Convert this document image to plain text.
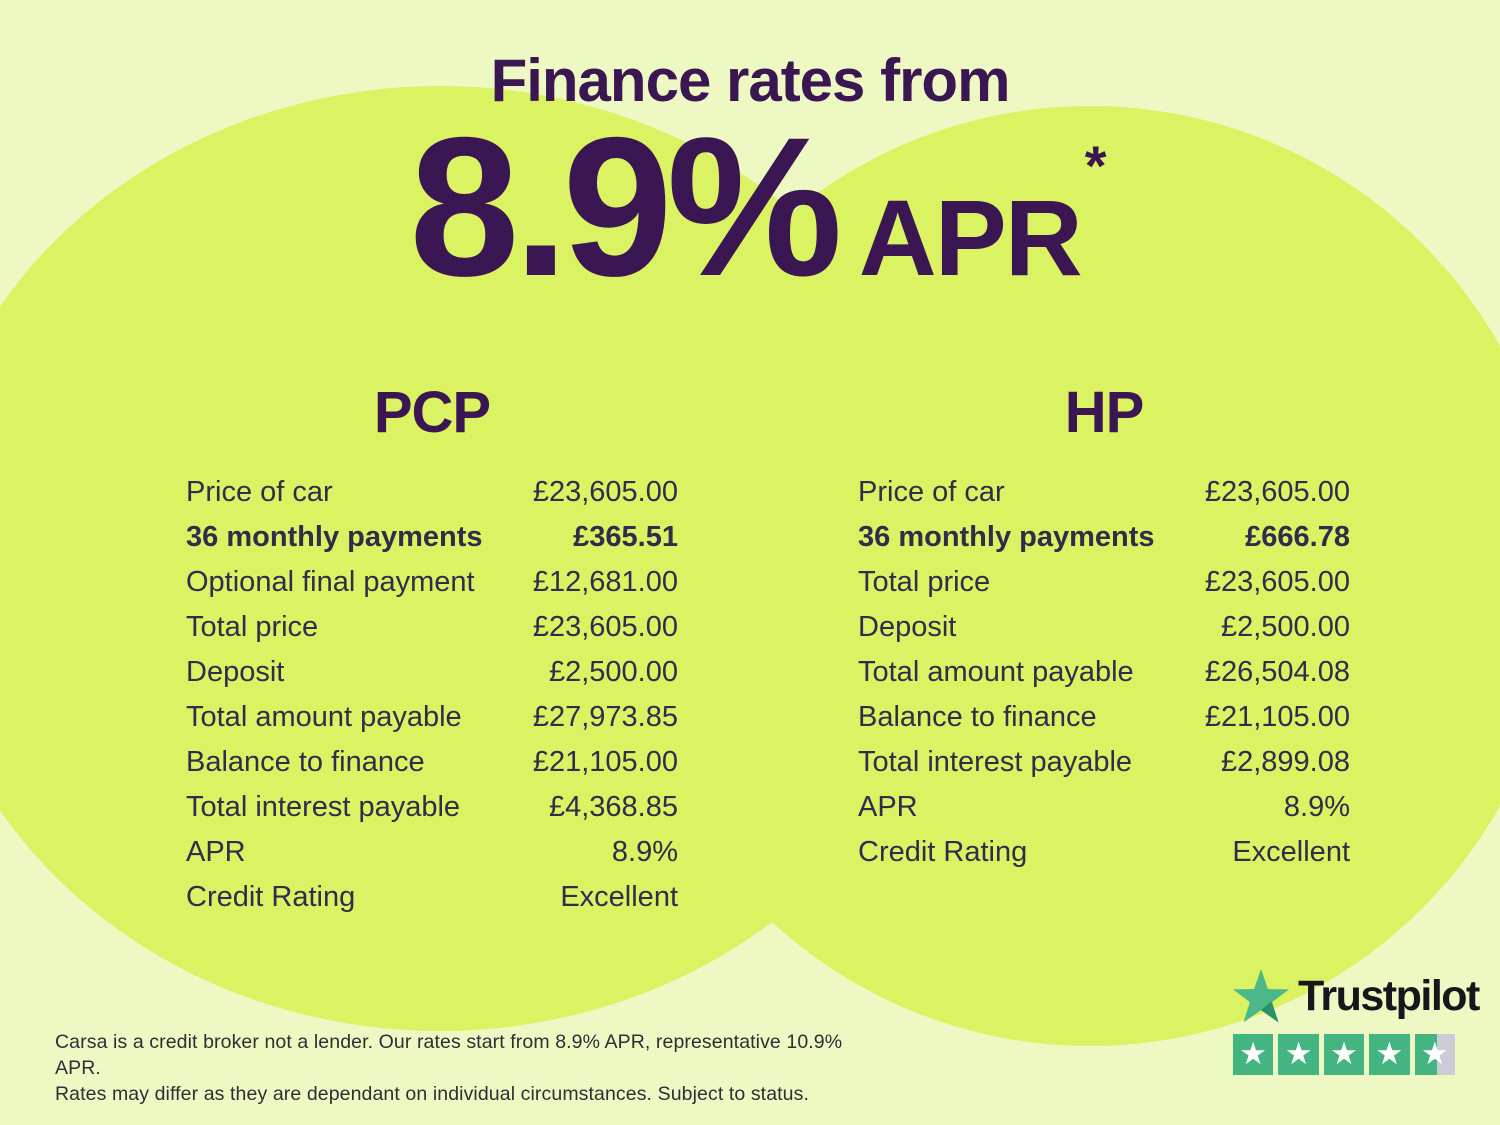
Finance rates from
8.9% APR*
PCP
Price of car	£23,605.00
36 monthly payments	£365.51
Optional final payment £12,681.00
Total price	£23,605.00
Deposit	£2,500.00
Total amount payable £27,973.85
Balance to finance	£21,105.00
Total interest payable	£4,368.85
APR	8.9%
Credit Rating	Excellent
HP
Price of car	£23,605.00
36 monthly payments	£666.78
Total price	£23,605.00
Deposit	£2,500.00
Total amount payable £26,504.08
Balance to finance	£21,105.00
Total interest payable	£2,899.08
APR	8.9%
Credit Rating	Excellent

Carsa is a credit broker not a lender. Our rates start from 8.9% APR, representative 10.9% APR.
Rates may differ as they are dependant on individual circumstances. Subject to status.

Trustpilot
★ ★ ★ ★ ★
